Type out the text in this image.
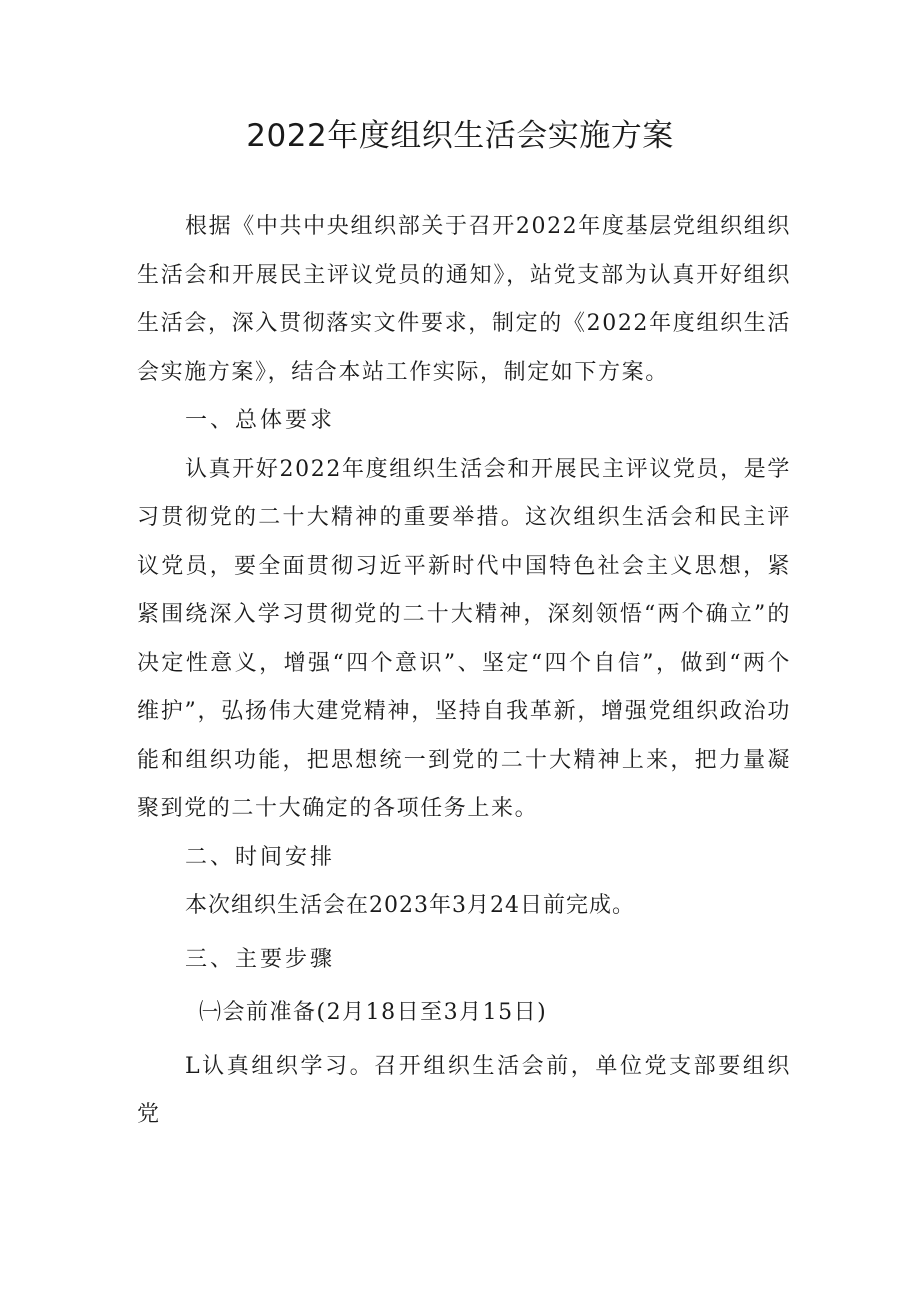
2022年度组织生活会实施方案

根据《中共中央组织部关于召开2022年度基层党组织组织生活会和开展民主评议党员的通知》，站党支部为认真开好组织生活会，深入贯彻落实文件要求，制定的《2022年度组织生活会实施方案》，结合本站工作实际，制定如下方案。

一、总体要求

认真开好2022年度组织生活会和开展民主评议党员，是学习贯彻党的二十大精神的重要举措。这次组织生活会和民主评议党员，要全面贯彻习近平新时代中国特色社会主义思想，紧紧围绕深入学习贯彻党的二十大精神，深刻领悟“两个确立”的决定性意义，增强“四个意识”、坚定“四个自信”，做到“两个维护”，弘扬伟大建党精神，坚持自我革新，增强党组织政治功能和组织功能，把思想统一到党的二十大精神上来，把力量凝聚到党的二十大确定的各项任务上来。

二、时间安排

本次组织生活会在2023年3月24日前完成。

三、主要步骤

㈠会前准备(2月18日至3月15日)

L认真组织学习。召开组织生活会前，单位党支部要组织党
